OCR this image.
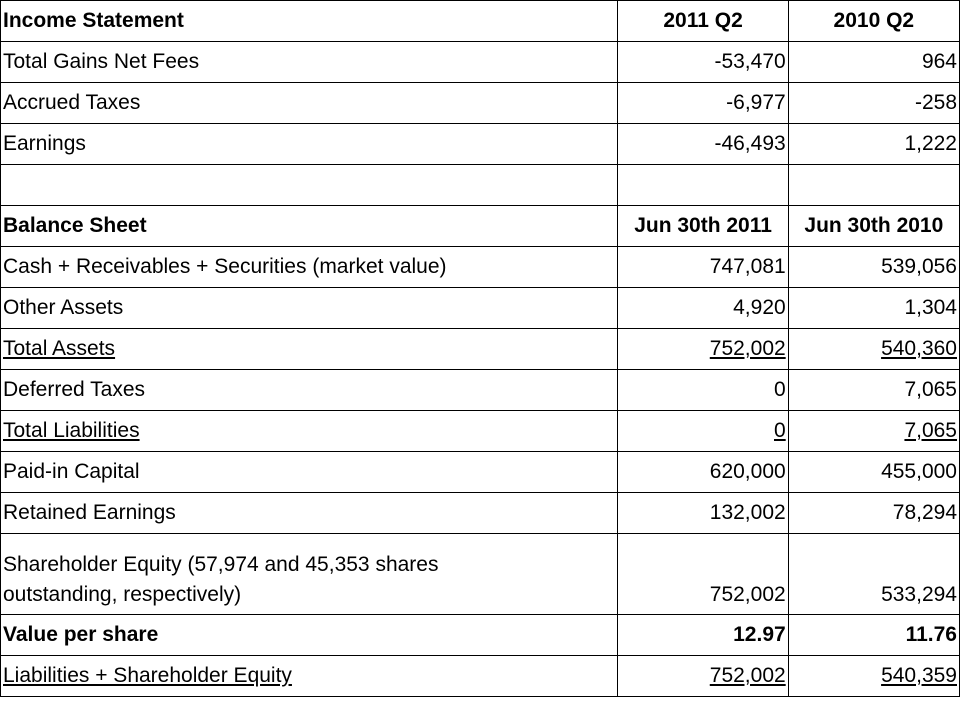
Income Statement	2011 Q2	2010 Q2
Total Gains Net Fees	-53,470	964
Accrued Taxes	-6,977	-258
Earnings	-46,493	1,222

Balance Sheet	Jun 30th 2011	Jun 30th 2010
Cash + Receivables + Securities (market value)	747,081	539,056
Other Assets	4,920	1,304
Total Assets	752,002	540,360
Deferred Taxes	0	7,065
Total Liabilities	0	7,065
Paid-in Capital	620,000	455,000
Retained Earnings	132,002	78,294
Shareholder Equity (57,974 and 45,353 shares outstanding, respectively)	752,002	533,294
Value per share	12.97	11.76
Liabilities + Shareholder Equity	752,002	540,359
